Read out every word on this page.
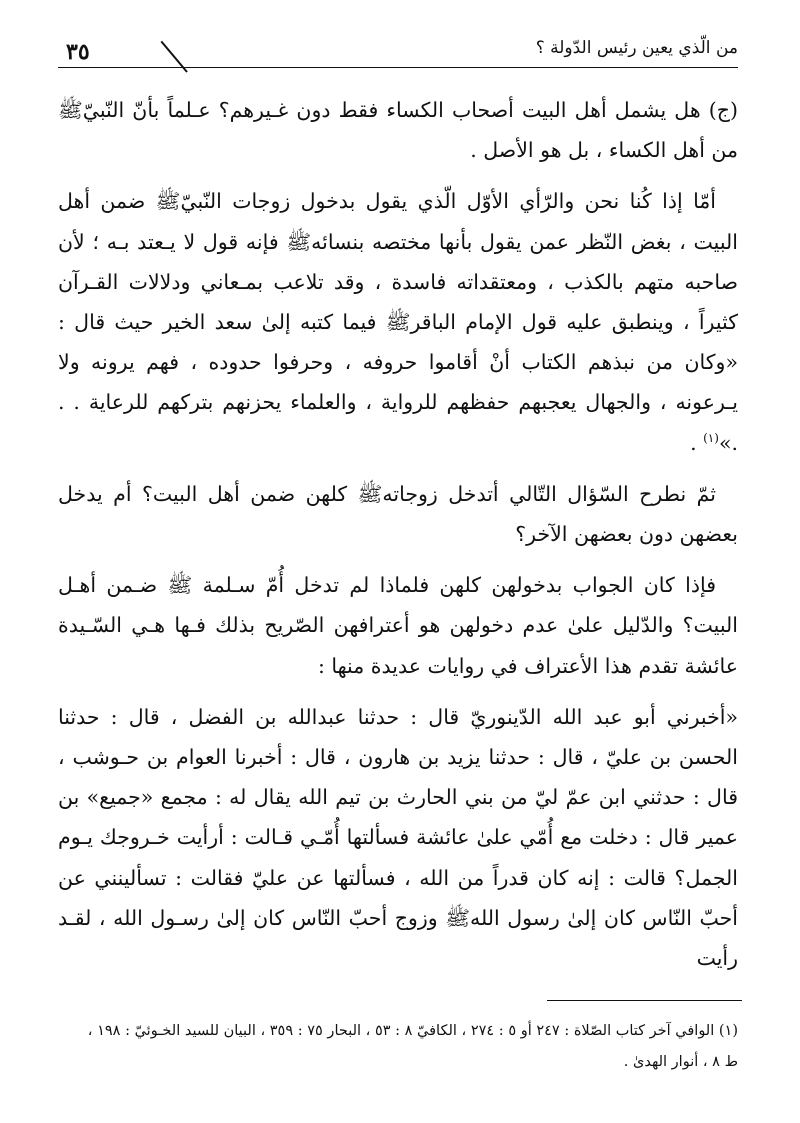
من الّذي يعين رئيس الدّولة ؟
٣٥

(ج) هل يشمل أهل البيت أصحاب الكساء فقط دون غـيرهم؟ عـلماً بأنّ النّبيّﷺ من أهل الكساء ، بل هو الأصل .

أمّا إذا كُنا نحن والرّأي الأوّل الّذي يقول بدخول زوجات النّبيّﷺ ضمن أهل البيت ، بغض النّظر عمن يقول بأنها مختصه بنسائهﷺ فإنه قول لا يـعتد بـه ؛ لأن صاحبه متهم بالكذب ، ومعتقداته فاسدة ، وقد تلاعب بمـعاني ودلالات القـرآن كثيراً ، وينطبق عليه قول الإمام الباقرﷺ فيما كتبه إلىٰ سعد الخير حيث قال : «وكان من نبذهم الكتاب أنْ أقاموا حروفه ، وحرفوا حدوده ، فهم يرونه ولا يـرعونه ، والجهال يعجبهم حفظهم للرواية ، والعلماء يحزنهم بتركهم للرعاية . . .»$^{(١)}$ .

ثمّ نطرح السّؤال التّالي أتدخل زوجاتهﷺ كلهن ضمن أهل البيت؟ أم يدخل بعضهن دون بعضهن الآخر؟

فإذا كان الجواب بدخولهن كلهن فلماذا لم تدخل أُمّ سـلمة ﷺ ضـمن أهـل البيت؟ والدّليل علىٰ عدم دخولهن هو أعترافهن الصّريح بذلك فـها هـي السّـيدة عائشة تقدم هذا الأعتراف في روايات عديدة منها :

«أخبرني أبو عبد الله الدّينوريّ قال : حدثنا عبدالله بن الفضل ، قال : حدثنا الحسن بن عليّ ، قال : حدثنا يزيد بن هارون ، قال : أخبرنا العوام بن حـوشب ، قال : حدثني ابن عمّ ليّ من بني الحارث بن تيم الله يقال له : مجمع «جميع» بن عمير قال : دخلت مع أُمّي علىٰ عائشة فسألتها أُمّـي قـالت : أرأيت خـروجك يـوم الجمل؟ قالت : إنه كان قدراً من الله ، فسألتها عن عليّ فقالت : تسألينني عن أحبّ النّاس كان إلىٰ رسول اللهﷺ وزوج أحبّ النّاس كان إلىٰ رسـول الله ، لقـد رأيت

(١) الوافي آخر كتاب الصّلاة : ٢٤٧ أو ٥ : ٢٧٤ ، الكافيّ ٨ : ٥٣ ، البحار ٧٥ : ٣٥٩ ، البيان للسيد الخـوئيّ : ١٩٨ ،
ط ٨ ، أنوار الهدىٰ .
